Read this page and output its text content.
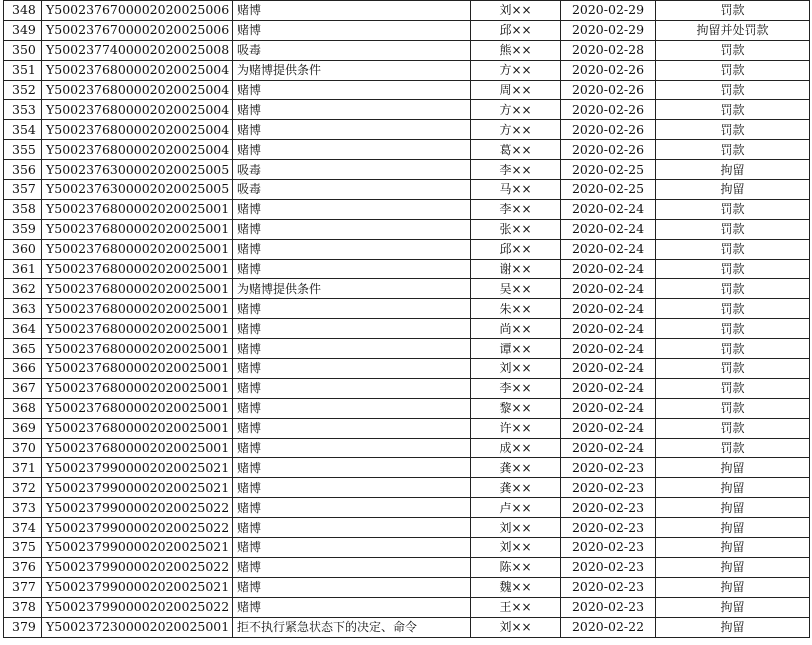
348	Y5002376700002020025006	赌博	刘××	2020-02-29	罚款
349	Y5002376700002020025006	赌博	邱××	2020-02-29	拘留并处罚款
350	Y5002377400002020025008	吸毒	熊××	2020-02-28	罚款
351	Y5002376800002020025004	为赌博提供条件	方××	2020-02-26	罚款
352	Y5002376800002020025004	赌博	周××	2020-02-26	罚款
353	Y5002376800002020025004	赌博	方××	2020-02-26	罚款
354	Y5002376800002020025004	赌博	方××	2020-02-26	罚款
355	Y5002376800002020025004	赌博	葛××	2020-02-26	罚款
356	Y5002376300002020025005	吸毒	李××	2020-02-25	拘留
357	Y5002376300002020025005	吸毒	马××	2020-02-25	拘留
358	Y5002376800002020025001	赌博	李××	2020-02-24	罚款
359	Y5002376800002020025001	赌博	张××	2020-02-24	罚款
360	Y5002376800002020025001	赌博	邱××	2020-02-24	罚款
361	Y5002376800002020025001	赌博	谢××	2020-02-24	罚款
362	Y5002376800002020025001	为赌博提供条件	吴××	2020-02-24	罚款
363	Y5002376800002020025001	赌博	朱××	2020-02-24	罚款
364	Y5002376800002020025001	赌博	尚××	2020-02-24	罚款
365	Y5002376800002020025001	赌博	谭××	2020-02-24	罚款
366	Y5002376800002020025001	赌博	刘××	2020-02-24	罚款
367	Y5002376800002020025001	赌博	李××	2020-02-24	罚款
368	Y5002376800002020025001	赌博	黎××	2020-02-24	罚款
369	Y5002376800002020025001	赌博	许××	2020-02-24	罚款
370	Y5002376800002020025001	赌博	成××	2020-02-24	罚款
371	Y5002379900002020025021	赌博	龚××	2020-02-23	拘留
372	Y5002379900002020025021	赌博	龚××	2020-02-23	拘留
373	Y5002379900002020025022	赌博	卢××	2020-02-23	拘留
374	Y5002379900002020025022	赌博	刘××	2020-02-23	拘留
375	Y5002379900002020025021	赌博	刘××	2020-02-23	拘留
376	Y5002379900002020025022	赌博	陈××	2020-02-23	拘留
377	Y5002379900002020025021	赌博	魏××	2020-02-23	拘留
378	Y5002379900002020025022	赌博	王××	2020-02-23	拘留
379	Y5002372300002020025001	拒不执行紧急状态下的决定、命令	刘××	2020-02-22	拘留
